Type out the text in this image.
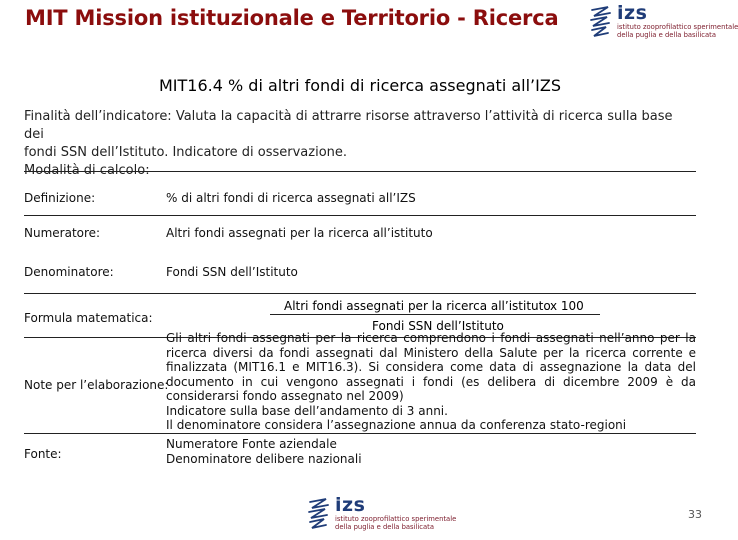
MIT Mission istituzionale e Territorio - Ricerca	izs
istituto zooprofilattico sperimentale
della puglia e della basilicata
MIT16.4 % di altri fondi di ricerca assegnati all’IZS

Finalità dell’indicatore: Valuta la capacità di attrarre risorse attraverso l’attività di ricerca sulla base dei

fondi SSN dell’Istituto. Indicatore di osservazione.

Modalità di calcolo:

Definizione:	% di altri fondi di ricerca assegnati all’IZS
Numeratore:	Altri fondi assegnati per la ricerca all’istituto
Denominatore:	Fondi SSN dell’Istituto
Formula matematica:
Altri fondi assegnati per la ricerca all’istituto x 100
Fondi SSN dell’Istituto
Note per l’elaborazione:
Gli altri fondi assegnati per la ricerca comprendono i fondi assegnati nell’anno per la ricerca diversi da fondi assegnati dal Ministero della Salute per la ricerca corrente e finalizzata (MIT16.1 e MIT16.3). Si considera come data di assegnazione la data del documento in cui vengono assegnati i fondi (es delibera di dicembre 2009 è da considerarsi fondo assegnato nel 2009)
Indicatore sulla base dell’andamento di 3 anni.
Il denominatore considera l’assegnazione annua da conferenza stato-regioni
Fonte:
Numeratore Fonte aziendale
Denominatore delibere nazionali
izs
istituto zooprofilattico sperimentale
della puglia e della basilicata
33
